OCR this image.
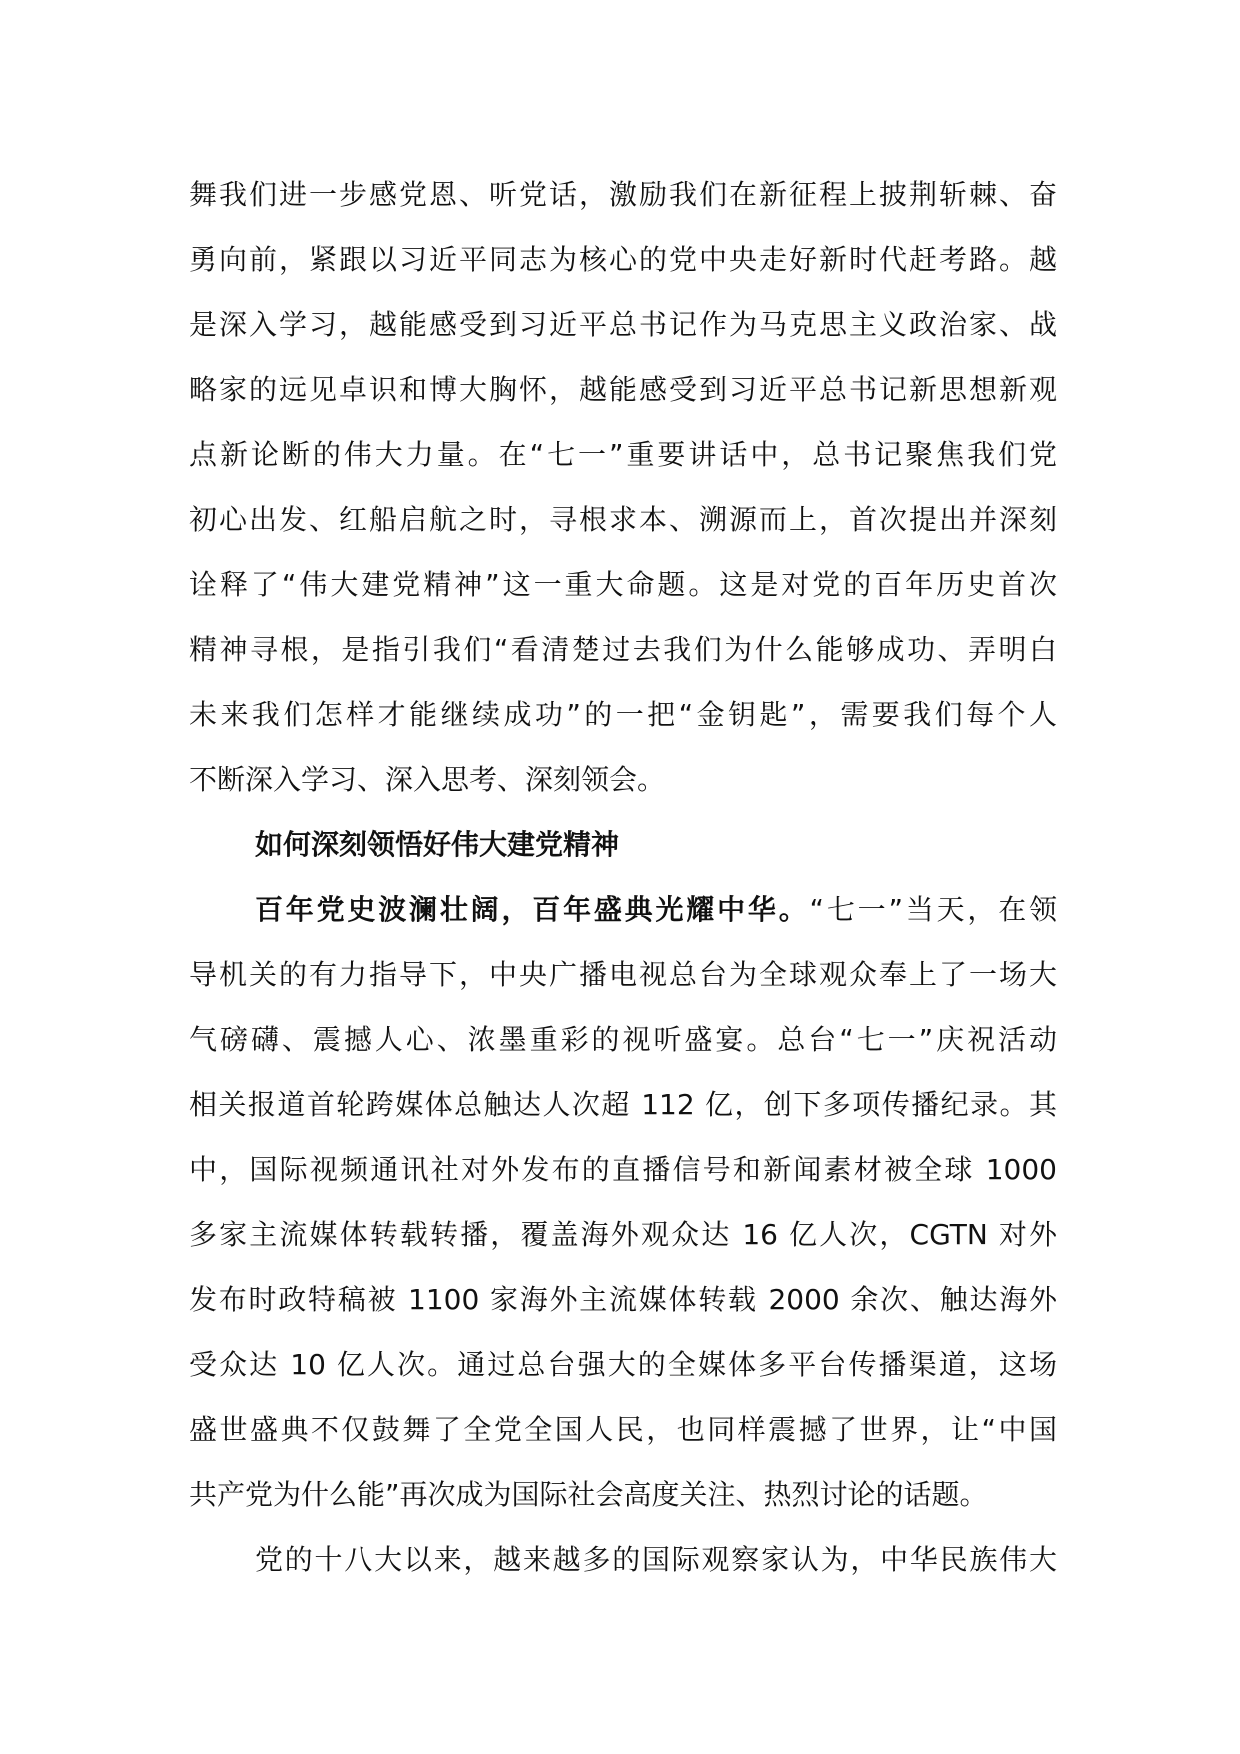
舞我们进一步感党恩、听党话，激励我们在新征程上披荆斩棘、奋
勇向前，紧跟以习近平同志为核心的党中央走好新时代赶考路。越
是深入学习，越能感受到习近平总书记作为马克思主义政治家、战
略家的远见卓识和博大胸怀，越能感受到习近平总书记新思想新观
点新论断的伟大力量。在“七一”重要讲话中，总书记聚焦我们党
初心出发、红船启航之时，寻根求本、溯源而上，首次提出并深刻
诠释了“伟大建党精神”这一重大命题。这是对党的百年历史首次
精神寻根，是指引我们“看清楚过去我们为什么能够成功、弄明白
未来我们怎样才能继续成功”的一把“金钥匙”，需要我们每个人
不断深入学习、深入思考、深刻领会。
如何深刻领悟好伟大建党精神
百年党史波澜壮阔，百年盛典光耀中华。“七一”当天，在领
导机关的有力指导下，中央广播电视总台为全球观众奉上了一场大
气磅礴、震撼人心、浓墨重彩的视听盛宴。总台“七一”庆祝活动
相关报道首轮跨媒体总触达人次超 112 亿，创下多项传播纪录。其
中，国际视频通讯社对外发布的直播信号和新闻素材被全球 1000
多家主流媒体转载转播，覆盖海外观众达 16 亿人次，CGTN 对外
发布时政特稿被 1100 家海外主流媒体转载 2000 余次、触达海外
受众达 10 亿人次。通过总台强大的全媒体多平台传播渠道，这场
盛世盛典不仅鼓舞了全党全国人民，也同样震撼了世界，让“中国
共产党为什么能”再次成为国际社会高度关注、热烈讨论的话题。
党的十八大以来，越来越多的国际观察家认为，中华民族伟大
